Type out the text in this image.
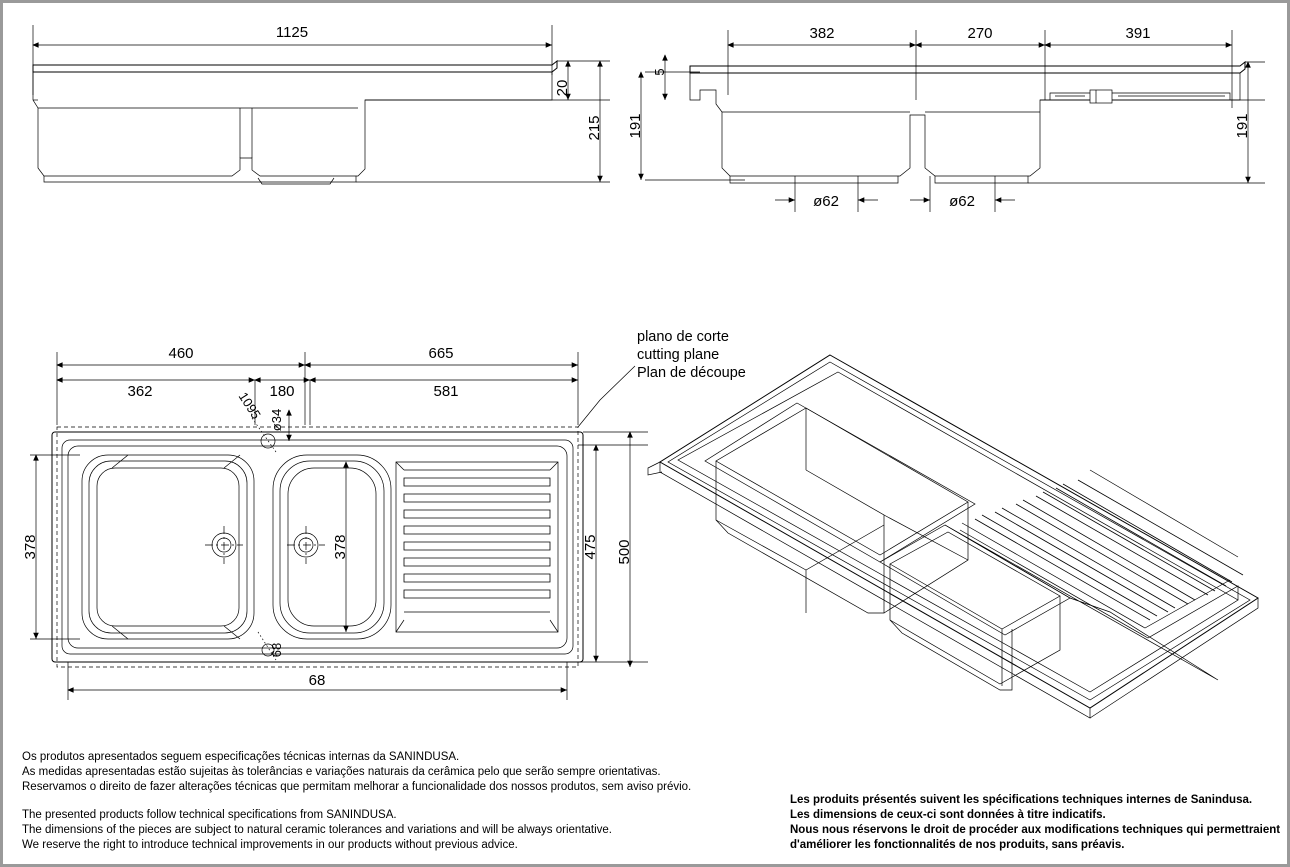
1125
20
215
382	270	391
5
191
ø62	ø62
191
460	665
362	180	581
1095 ø34
68
378	378	475 500
68
plano de corte
cutting plane
Plan de découpe
Os produtos apresentados seguem especificações técnicas internas da SANINDUSA.
As medidas apresentadas estão sujeitas às tolerâncias e variações naturais da cerâmica pelo que serão sempre orientativas.
Reservamos o direito de fazer alterações técnicas que permitam melhorar a funcionalidade dos nossos produtos, sem aviso prévio.
The presented products follow technical specifications from SANINDUSA.
The dimensions of the pieces are subject to natural ceramic tolerances and variations and will be always orientative.
We reserve the right to introduce technical improvements in our products without previous advice.
Les produits présentés suivent les spécifications techniques internes de Sanindusa.
Les dimensions de ceux-ci sont données à titre indicatifs.
Nous nous réservons le droit de procéder aux modifications techniques qui permettraient
d'améliorer les fonctionnalités de nos produits, sans préavis.
